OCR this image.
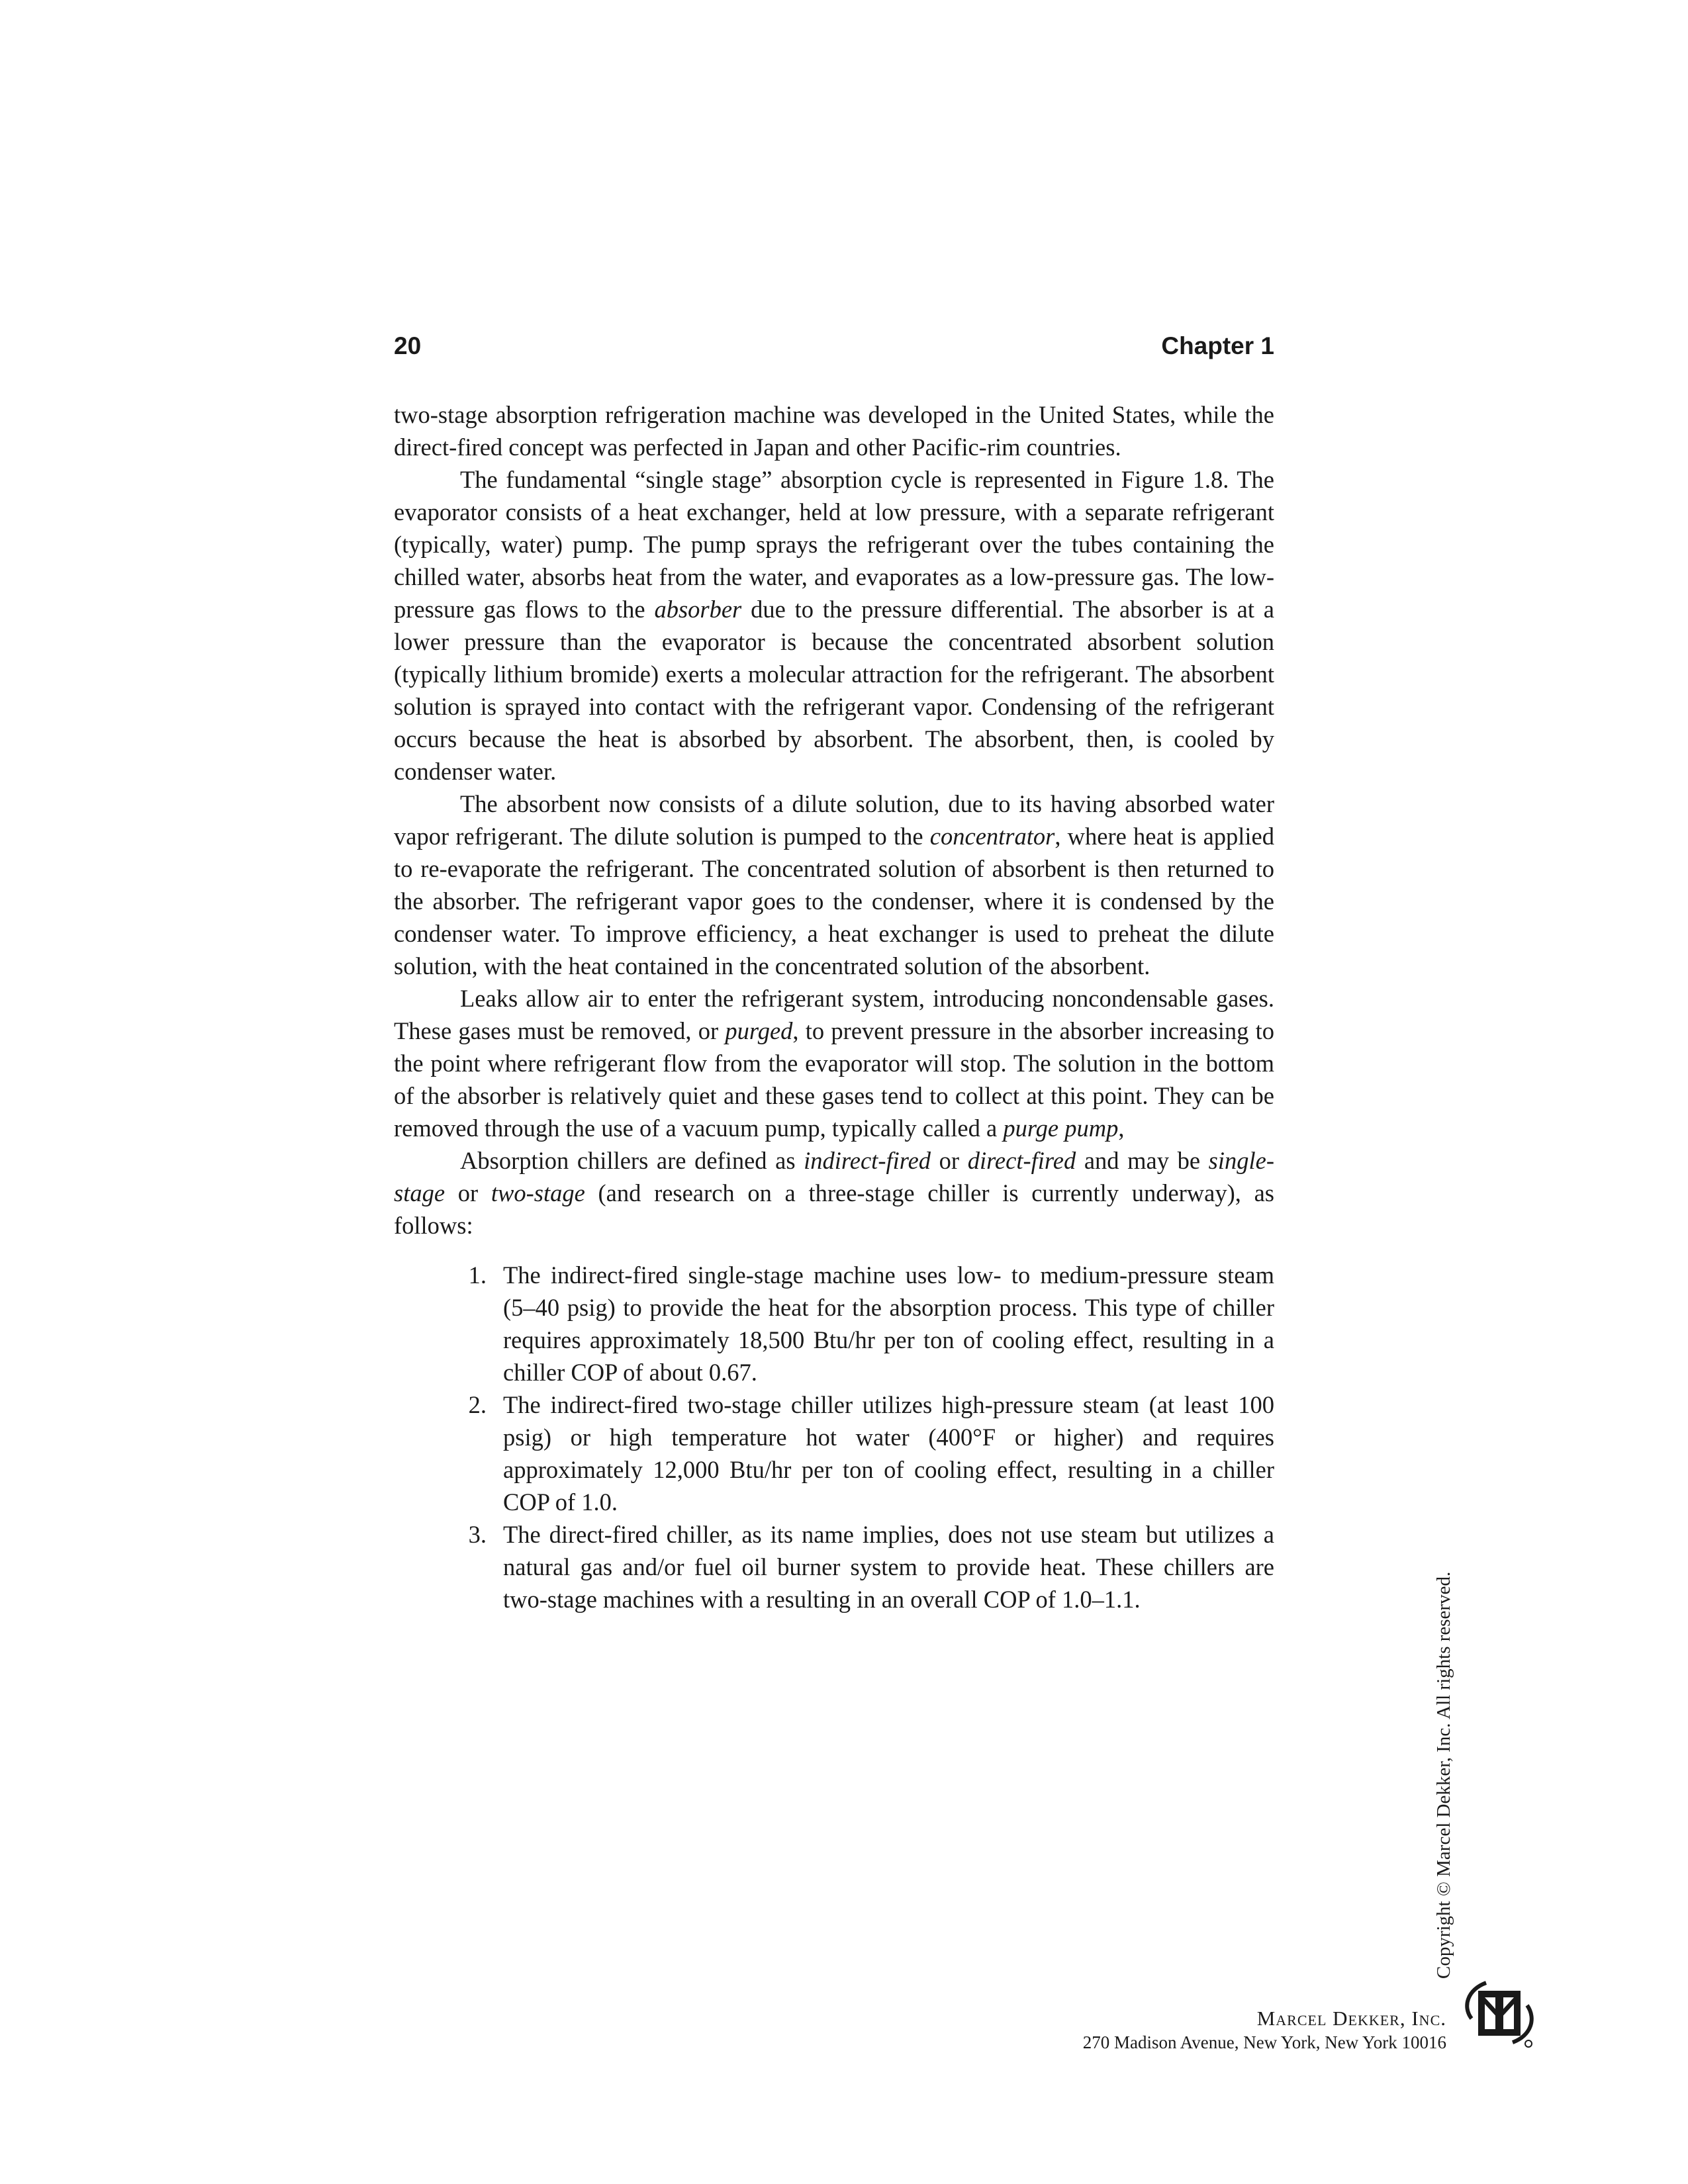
20	Chapter 1

two-stage absorption refrigeration machine was developed in the United States, while the direct-fired concept was perfected in Japan and other Pacific-rim countries.

The fundamental “single stage” absorption cycle is represented in Figure 1.8. The evaporator consists of a heat exchanger, held at low pressure, with a separate refrigerant (typically, water) pump. The pump sprays the refrigerant over the tubes containing the chilled water, absorbs heat from the water, and evaporates as a low-pressure gas. The low-pressure gas flows to the absorber due to the pressure differential. The absorber is at a lower pressure than the evaporator is because the concentrated absorbent solution (typically lithium bromide) exerts a molecular attraction for the refrigerant. The absorbent solution is sprayed into contact with the refrigerant vapor. Condensing of the refrigerant occurs because the heat is absorbed by absorbent. The absorbent, then, is cooled by condenser water.

The absorbent now consists of a dilute solution, due to its having absorbed water vapor refrigerant. The dilute solution is pumped to the concentrator, where heat is applied to re-evaporate the refrigerant. The concentrated solution of absorbent is then returned to the absorber. The refrigerant vapor goes to the condenser, where it is condensed by the condenser water. To improve efficiency, a heat exchanger is used to preheat the dilute solution, with the heat contained in the concentrated solution of the absorbent.

Leaks allow air to enter the refrigerant system, introducing noncondensable gases. These gases must be removed, or purged, to prevent pressure in the absorber increasing to the point where refrigerant flow from the evaporator will stop. The solution in the bottom of the absorber is relatively quiet and these gases tend to collect at this point. They can be removed through the use of a vacuum pump, typically called a purge pump,

Absorption chillers are defined as indirect-fired or direct-fired and may be single-stage or two-stage (and research on a three-stage chiller is currently underway), as follows:

1. The indirect-fired single-stage machine uses low- to medium-pressure steam (5–40 psig) to provide the heat for the absorption process. This type of chiller requires approximately 18,500 Btu/hr per ton of cooling effect, resulting in a chiller COP of about 0.67.
2. The indirect-fired two-stage chiller utilizes high-pressure steam (at least 100 psig) or high temperature hot water (400°F or higher) and requires approximately 12,000 Btu/hr per ton of cooling effect, resulting in a chiller COP of 1.0.
3. The direct-fired chiller, as its name implies, does not use steam but utilizes a natural gas and/or fuel oil burner system to provide heat. These chillers are two-stage machines with a resulting in an overall COP of 1.0–1.1.	Copyright © Marcel Dekker, Inc. All rights reserved.
Marcel Dekker, Inc.
270 Madison Avenue, New York, New York 10016
